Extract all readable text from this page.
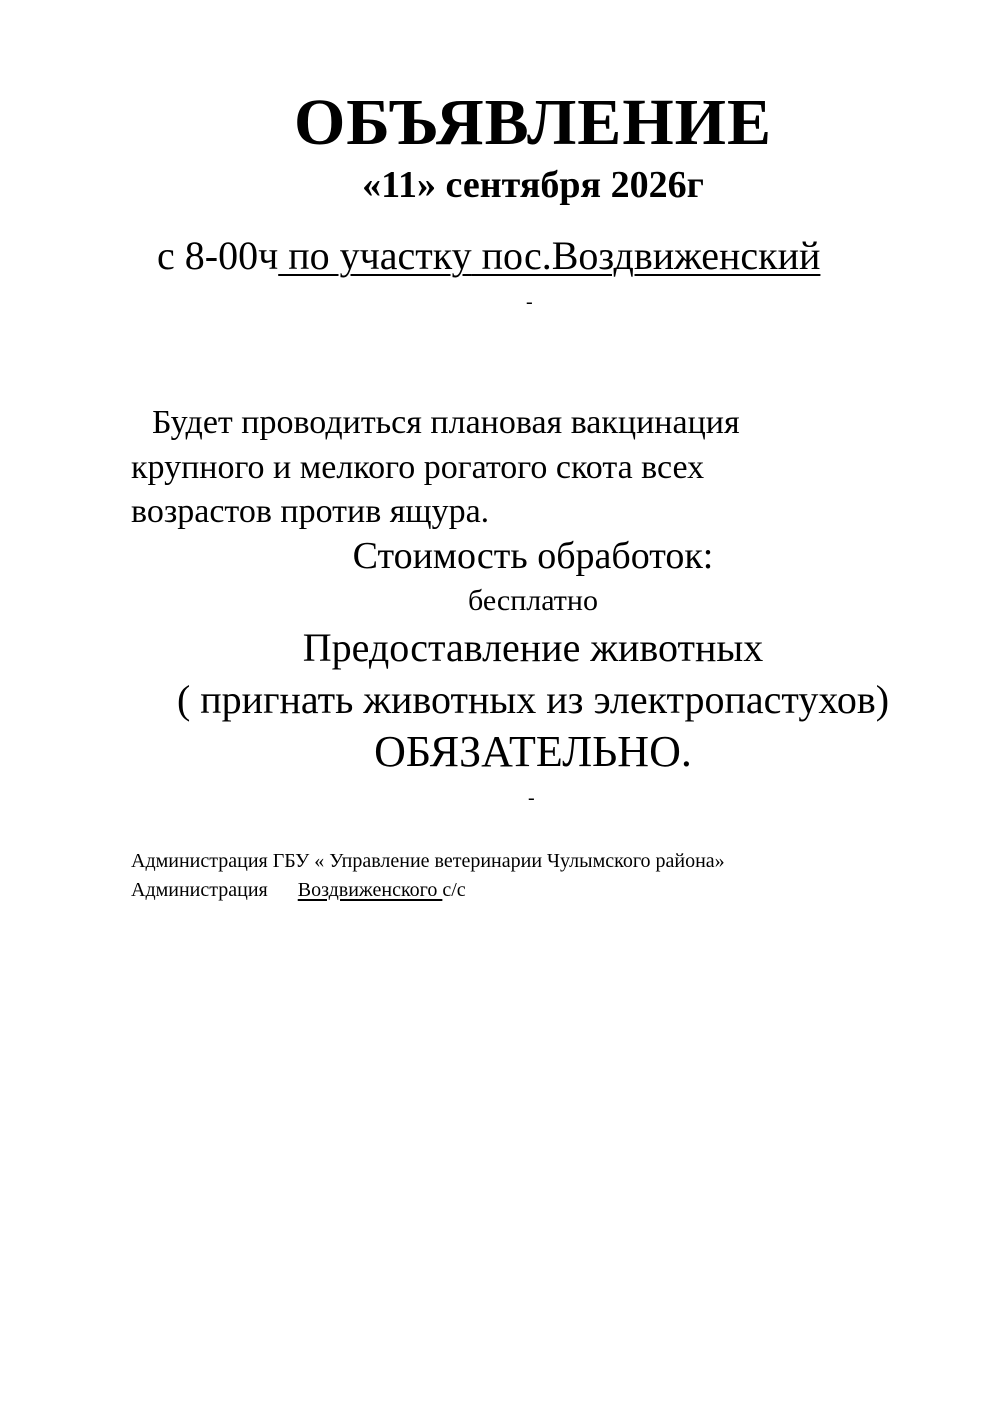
ОБЪЯВЛЕНИЕ
«11» сентября 2026г
с 8-00ч по участку пос.Воздвиженский
-
Будет проводиться плановая вакцинация
крупного и мелкого рогатого скота всех
возрастов против ящура.
Стоимость обработок:
бесплатно
Предоставление животных
( пригнать животных из электропастухов)
ОБЯЗАТЕЛЬНО.
-
Администрация ГБУ « Управление ветеринарии Чулымского района»
Администрация Воздвиженского с/с
